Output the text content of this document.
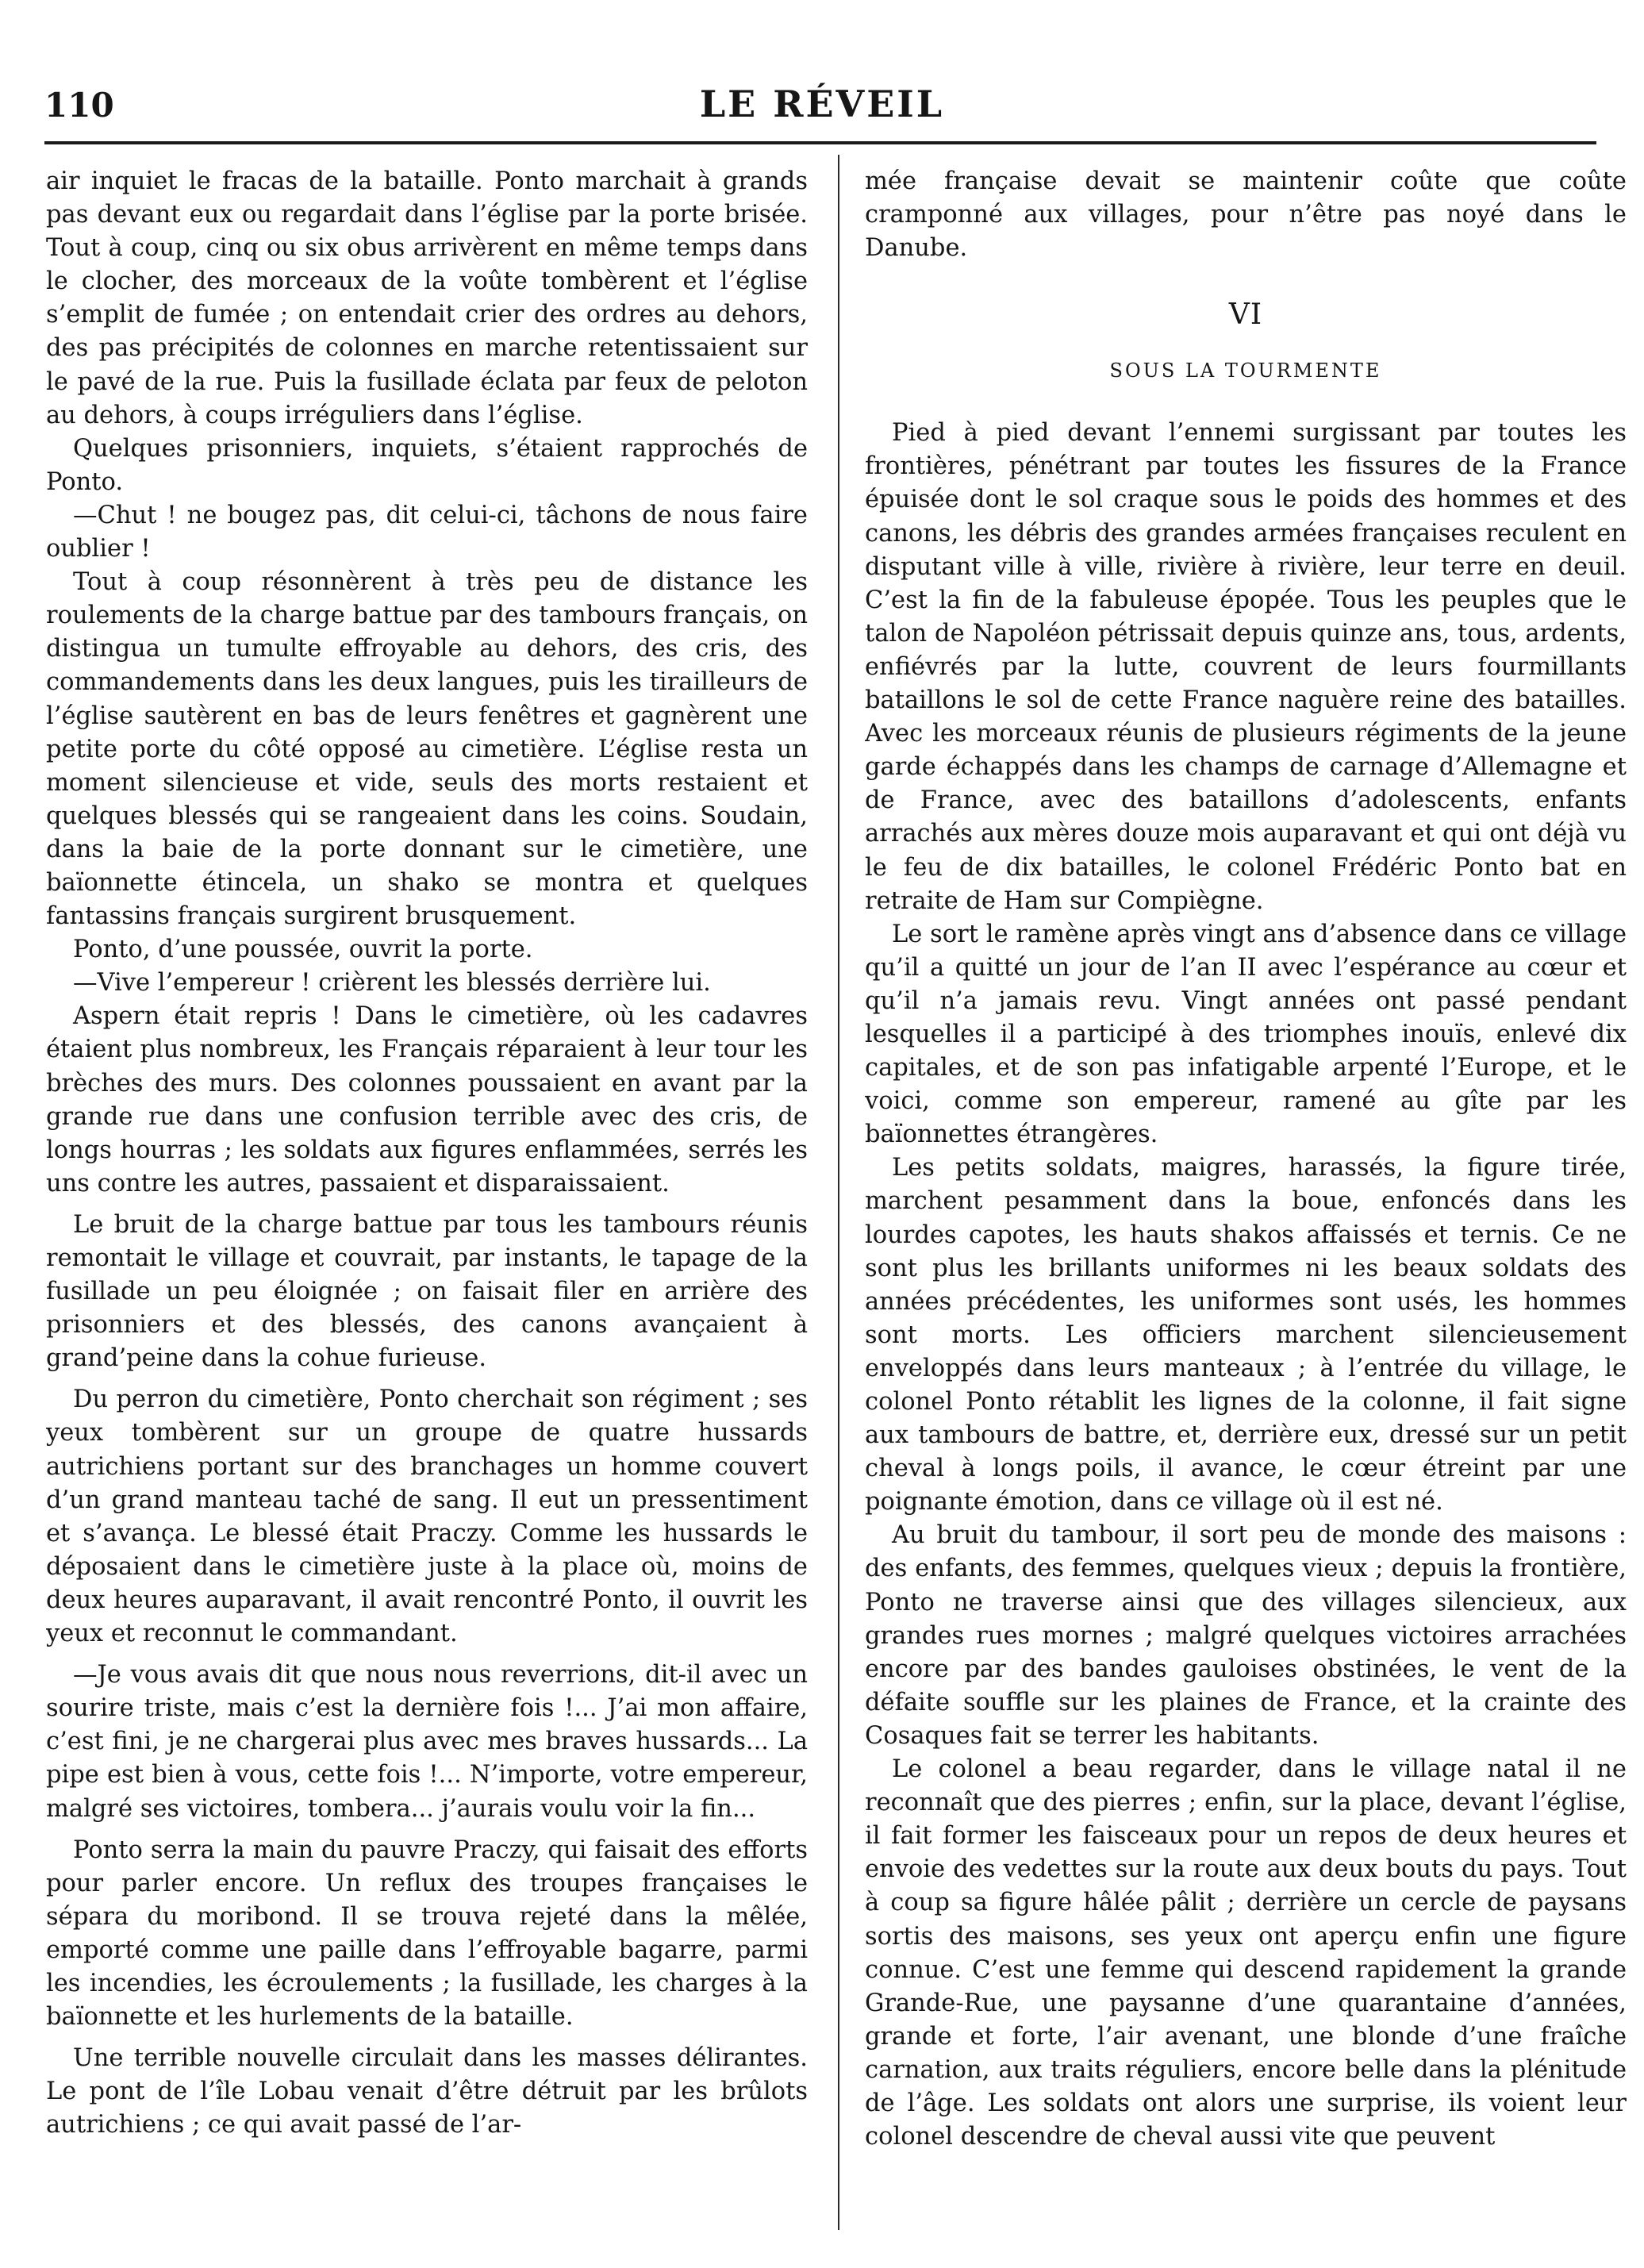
110	LE RÉVEIL

air inquiet le fracas de la bataille. Ponto marchait à grands pas devant eux ou regardait dans l’église par la porte brisée. Tout à coup, cinq ou six obus arrivèrent en même temps dans le clocher, des morceaux de la voûte tombèrent et l’église s’emplit de fumée ; on entendait crier des ordres au dehors, des pas précipités de colonnes en marche retentissaient sur le pavé de la rue. Puis la fusillade éclata par feux de peloton au dehors, à coups irréguliers dans l’église.

Quelques prisonniers, inquiets, s’étaient rapprochés de Ponto.

—Chut ! ne bougez pas, dit celui-ci, tâchons de nous faire oublier !

Tout à coup résonnèrent à très peu de distance les roulements de la charge battue par des tambours français, on distingua un tumulte effroyable au dehors, des cris, des commandements dans les deux langues, puis les tirailleurs de l’église sautèrent en bas de leurs fenêtres et gagnèrent une petite porte du côté opposé au cimetière. L’église resta un moment silencieuse et vide, seuls des morts restaient et quelques blessés qui se rangeaient dans les coins. Soudain, dans la baie de la porte donnant sur le cimetière, une baïonnette étincela, un shako se montra et quelques fantassins français surgirent brusquement.

Ponto, d’une poussée, ouvrit la porte.

—Vive l’empereur ! crièrent les blessés derrière lui.

Aspern était repris ! Dans le cimetière, où les cadavres étaient plus nombreux, les Français réparaient à leur tour les brèches des murs. Des colonnes poussaient en avant par la grande rue dans une confusion terrible avec des cris, de longs hourras ; les soldats aux figures enflammées, serrés les uns contre les autres, passaient et disparaissaient.

Le bruit de la charge battue par tous les tambours réunis remontait le village et couvrait, par instants, le tapage de la fusillade un peu éloignée ; on faisait filer en arrière des prisonniers et des blessés, des canons avançaient à grand’peine dans la cohue furieuse.

Du perron du cimetière, Ponto cherchait son régiment ; ses yeux tombèrent sur un groupe de quatre hussards autrichiens portant sur des branchages un homme couvert d’un grand manteau taché de sang. Il eut un pressentiment et s’avança. Le blessé était Praczy. Comme les hussards le déposaient dans le cimetière juste à la place où, moins de deux heures auparavant, il avait rencontré Ponto, il ouvrit les yeux et reconnut le commandant.

—Je vous avais dit que nous nous reverrions, dit-il avec un sourire triste, mais c’est la dernière fois !... J’ai mon affaire, c’est fini, je ne chargerai plus avec mes braves hussards... La pipe est bien à vous, cette fois !... N’importe, votre empereur, malgré ses victoires, tombera... j’aurais voulu voir la fin...

Ponto serra la main du pauvre Praczy, qui faisait des efforts pour parler encore. Un reflux des troupes françaises le sépara du moribond. Il se trouva rejeté dans la mêlée, emporté comme une paille dans l’effroyable bagarre, parmi les incendies, les écroulements ; la fusillade, les charges à la baïonnette et les hurlements de la bataille.

Une terrible nouvelle circulait dans les masses délirantes. Le pont de l’île Lobau venait d’être détruit par les brûlots autrichiens ; ce qui avait passé de l’ar-

mée française devait se maintenir coûte que coûte cramponné aux villages, pour n’être pas noyé dans le Danube.

VI
SOUS LA TOURMENTE

Pied à pied devant l’ennemi surgissant par toutes les frontières, pénétrant par toutes les fissures de la France épuisée dont le sol craque sous le poids des hommes et des canons, les débris des grandes armées françaises reculent en disputant ville à ville, rivière à rivière, leur terre en deuil. C’est la fin de la fabuleuse épopée. Tous les peuples que le talon de Napoléon pétrissait depuis quinze ans, tous, ardents, enfiévrés par la lutte, couvrent de leurs fourmillants bataillons le sol de cette France naguère reine des batailles. Avec les morceaux réunis de plusieurs régiments de la jeune garde échappés dans les champs de carnage d’Allemagne et de France, avec des bataillons d’adolescents, enfants arrachés aux mères douze mois auparavant et qui ont déjà vu le feu de dix batailles, le colonel Frédéric Ponto bat en retraite de Ham sur Compiègne.

Le sort le ramène après vingt ans d’absence dans ce village qu’il a quitté un jour de l’an II avec l’espérance au cœur et qu’il n’a jamais revu. Vingt années ont passé pendant lesquelles il a participé à des triomphes inouïs, enlevé dix capitales, et de son pas infatigable arpenté l’Europe, et le voici, comme son empereur, ramené au gîte par les baïonnettes étrangères.

Les petits soldats, maigres, harassés, la figure tirée, marchent pesamment dans la boue, enfoncés dans les lourdes capotes, les hauts shakos affaissés et ternis. Ce ne sont plus les brillants uniformes ni les beaux soldats des années précédentes, les uniformes sont usés, les hommes sont morts. Les officiers marchent silencieusement enveloppés dans leurs manteaux ; à l’entrée du village, le colonel Ponto rétablit les lignes de la colonne, il fait signe aux tambours de battre, et, derrière eux, dressé sur un petit cheval à longs poils, il avance, le cœur étreint par une poignante émotion, dans ce village où il est né.

Au bruit du tambour, il sort peu de monde des maisons : des enfants, des femmes, quelques vieux ; depuis la frontière, Ponto ne traverse ainsi que des villages silencieux, aux grandes rues mornes ; malgré quelques victoires arrachées encore par des bandes gauloises obstinées, le vent de la défaite souffle sur les plaines de France, et la crainte des Cosaques fait se terrer les habitants.

Le colonel a beau regarder, dans le village natal il ne reconnaît que des pierres ; enfin, sur la place, devant l’église, il fait former les faisceaux pour un repos de deux heures et envoie des vedettes sur la route aux deux bouts du pays. Tout à coup sa figure hâlée pâlit ; derrière un cercle de paysans sortis des maisons, ses yeux ont aperçu enfin une figure connue. C’est une femme qui descend rapidement la grande Grande-Rue, une paysanne d’une quarantaine d’années, grande et forte, l’air avenant, une blonde d’une fraîche carnation, aux traits réguliers, encore belle dans la plénitude de l’âge. Les soldats ont alors une surprise, ils voient leur colonel descendre de cheval aussi vite que peuvent
